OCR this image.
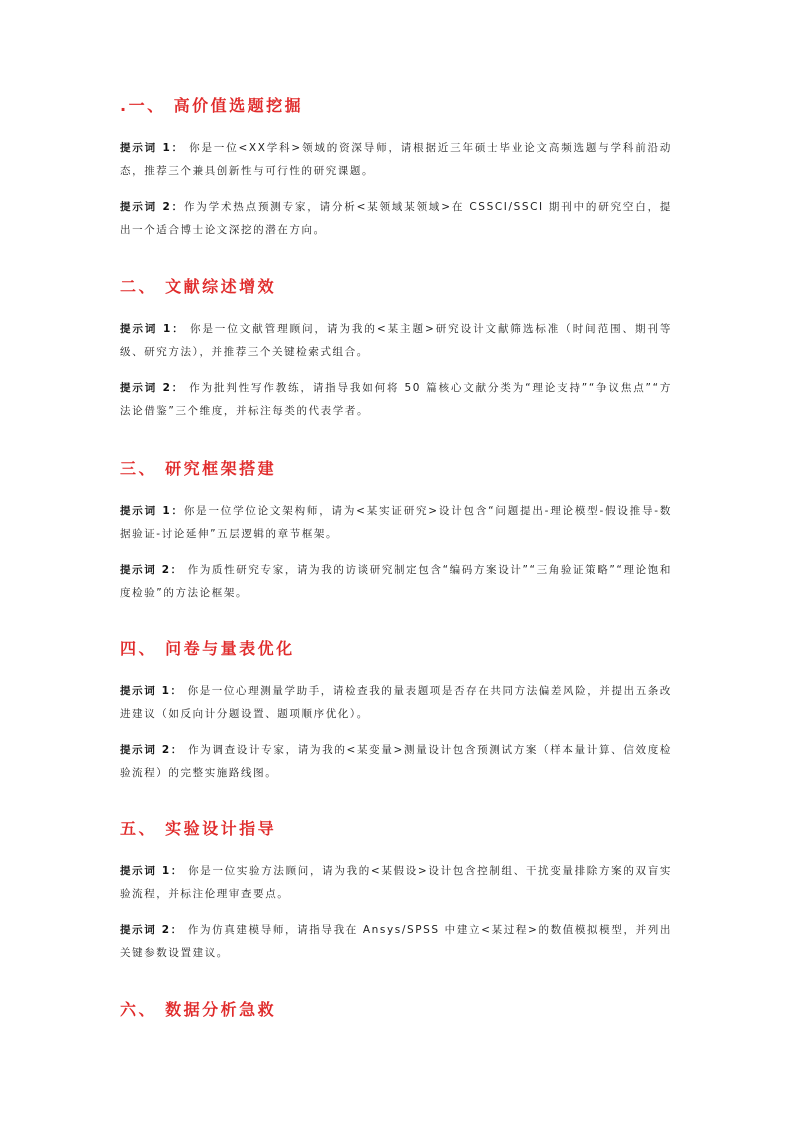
.一、 高价值选题挖掘

提示词 1： 你是一位<XX学科>领域的资深导师，请根据近三年硕士毕业论文高频选题与学科前沿动态，推荐三个兼具创新性与可行性的研究课题。

提示词 2：作为学术热点预测专家，请分析<某领域某领域>在 CSSCI/SSCI 期刊中的研究空白，提出一个适合博士论文深挖的潜在方向。

二、 文献综述增效

提示词 1： 你是一位文献管理顾问，请为我的<某主题>研究设计文献筛选标准（时间范围、期刊等级、研究方法），并推荐三个关键检索式组合。

提示词 2： 作为批判性写作教练，请指导我如何将 50 篇核心文献分类为“理论支持”“争议焦点”“方法论借鉴”三个维度，并标注每类的代表学者。

三、 研究框架搭建

提示词 1：你是一位学位论文架构师，请为<某实证研究>设计包含“问题提出-理论模型-假设推导-数据验证-讨论延伸”五层逻辑的章节框架。

提示词 2： 作为质性研究专家，请为我的访谈研究制定包含“编码方案设计”“三角验证策略”“理论饱和度检验”的方法论框架。

四、 问卷与量表优化

提示词 1： 你是一位心理测量学助手，请检查我的量表题项是否存在共同方法偏差风险，并提出五条改进建议（如反向计分题设置、题项顺序优化）。

提示词 2： 作为调查设计专家，请为我的<某变量>测量设计包含预测试方案（样本量计算、信效度检验流程）的完整实施路线图。

五、 实验设计指导

提示词 1： 你是一位实验方法顾问，请为我的<某假设>设计包含控制组、干扰变量排除方案的双盲实验流程，并标注伦理审查要点。

提示词 2： 作为仿真建模导师，请指导我在 Ansys/SPSS 中建立<某过程>的数值模拟模型，并列出关键参数设置建议。

六、 数据分析急救
